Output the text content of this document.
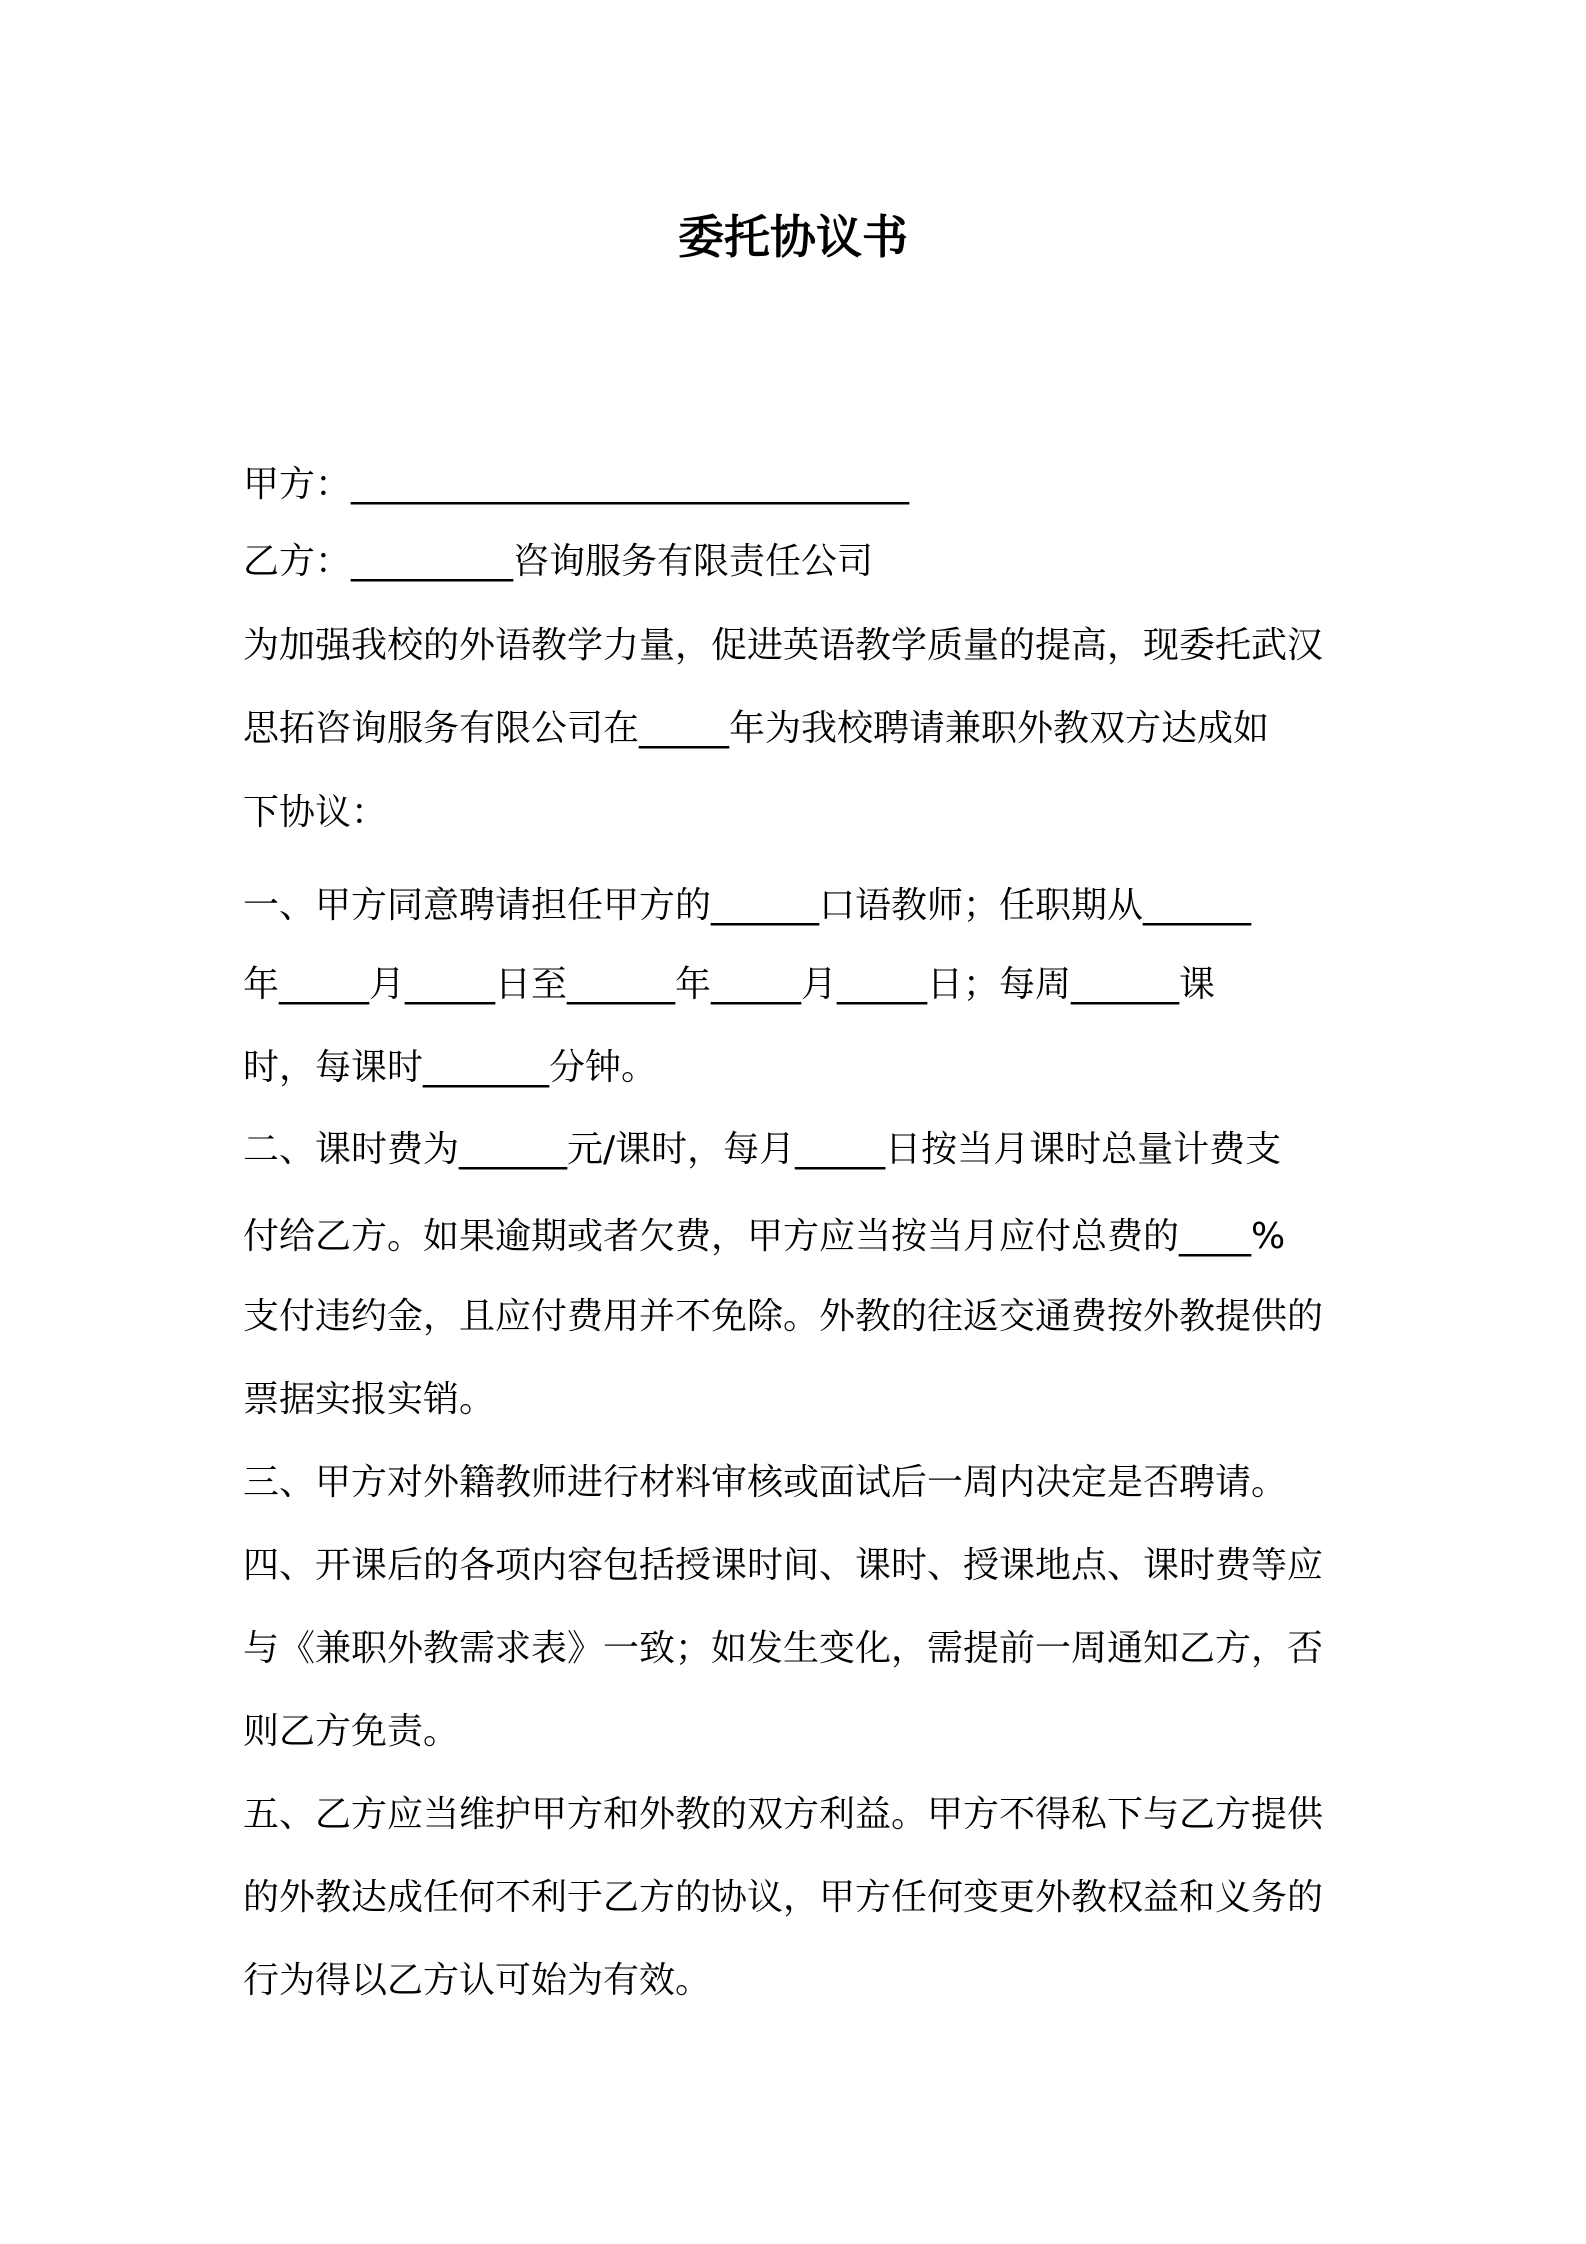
委托协议书
甲方：_______________________________
乙方：_________咨询服务有限责任公司
为加强我校的外语教学力量，促进英语教学质量的提高，现委托武汉
思拓咨询服务有限公司在_____年为我校聘请兼职外教双方达成如
下协议：
一、甲方同意聘请担任甲方的______口语教师；任职期从______
年_____月_____日至______年_____月_____日；每周______课
时，每课时_______分钟。
二、课时费为______元/课时，每月_____日按当月课时总量计费支
付给乙方。如果逾期或者欠费，甲方应当按当月应付总费的____%
支付违约金，且应付费用并不免除。外教的往返交通费按外教提供的
票据实报实销。
三、甲方对外籍教师进行材料审核或面试后一周内决定是否聘请。
四、开课后的各项内容包括授课时间、课时、授课地点、课时费等应
与《兼职外教需求表》一致；如发生变化，需提前一周通知乙方，否
则乙方免责。
五、乙方应当维护甲方和外教的双方利益。甲方不得私下与乙方提供
的外教达成任何不利于乙方的协议，甲方任何变更外教权益和义务的
行为得以乙方认可始为有效。
